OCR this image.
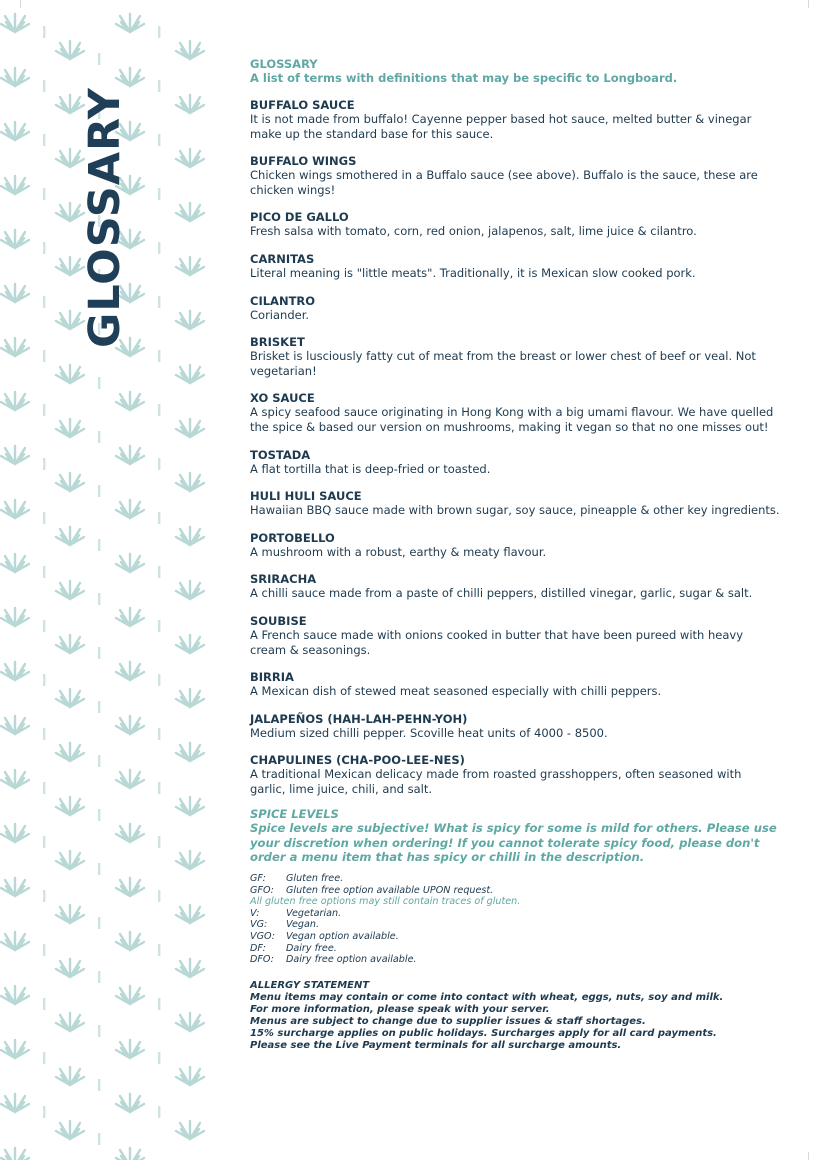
GLOSSARY
GLOSSARY
A list of terms with definitions that may be specific to Longboard.
BUFFALO SAUCE
It is not made from buffalo! Cayenne pepper based hot sauce, melted butter & vinegar make up the standard base for this sauce.
BUFFALO WINGS
Chicken wings smothered in a Buffalo sauce (see above). Buffalo is the sauce, these are chicken wings!
PICO DE GALLO
Fresh salsa with tomato, corn, red onion, jalapenos, salt, lime juice & cilantro.
CARNITAS
Literal meaning is "little meats". Traditionally, it is Mexican slow cooked pork.
CILANTRO
Coriander.
BRISKET
Brisket is lusciously fatty cut of meat from the breast or lower chest of beef or veal. Not vegetarian!
XO SAUCE
A spicy seafood sauce originating in Hong Kong with a big umami flavour. We have quelled the spice & based our version on mushrooms, making it vegan so that no one misses out!
TOSTADA
A flat tortilla that is deep-fried or toasted.
HULI HULI SAUCE
Hawaiian BBQ sauce made with brown sugar, soy sauce, pineapple & other key ingredients.
PORTOBELLO
A mushroom with a robust, earthy & meaty flavour.
SRIRACHA
A chilli sauce made from a paste of chilli peppers, distilled vinegar, garlic, sugar & salt.
SOUBISE
A French sauce made with onions cooked in butter that have been pureed with heavy cream & seasonings.
BIRRIA
A Mexican dish of stewed meat seasoned especially with chilli peppers.
JALAPEÑOS (HAH-LAH-PEHN-YOH)
Medium sized chilli pepper. Scoville heat units of 4000 - 8500.
CHAPULINES (CHA-POO-LEE-NES)
A traditional Mexican delicacy made from roasted grasshoppers, often seasoned with garlic, lime juice, chili, and salt.
SPICE LEVELS
Spice levels are subjective! What is spicy for some is mild for others. Please use your discretion when ordering! If you cannot tolerate spicy food, please don't order a menu item that has spicy or chilli in the description.
GF:	Gluten free.
GFO:	Gluten free option available UPON request.
All gluten free options may still contain traces of gluten.
V:	Vegetarian.
VG:	Vegan.
VGO:	Vegan option available.
DF:	Dairy free.
DFO:	Dairy free option available.
ALLERGY STATEMENT
Menu items may contain or come into contact with wheat, eggs, nuts, soy and milk.
For more information, please speak with your server.
Menus are subject to change due to supplier issues & staff shortages.
15% surcharge applies on public holidays. Surcharges apply for all card payments.
Please see the Live Payment terminals for all surcharge amounts.
